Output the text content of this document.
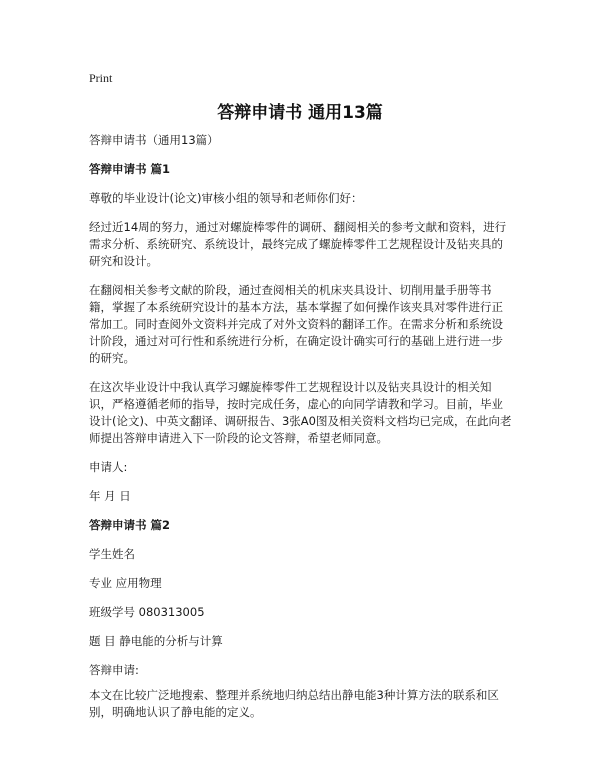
Print
答辩申请书 通用13篇
答辩申请书（通用13篇）
答辩申请书 篇1
尊敬的毕业设计(论文)审核小组的领导和老师你们好：
经过近14周的努力，通过对螺旋棒零件的调研、翻阅相关的参考文献和资料，进行需求分析、系统研究、系统设计，最终完成了螺旋棒零件工艺规程设计及钻夹具的研究和设计。
在翻阅相关参考文献的阶段，通过查阅相关的机床夹具设计、切削用量手册等书籍，掌握了本系统研究设计的基本方法，基本掌握了如何操作该夹具对零件进行正常加工。同时查阅外文资料并完成了对外文资料的翻译工作。在需求分析和系统设计阶段，通过对可行性和系统进行分析，在确定设计确实可行的基础上进行进一步的研究。
在这次毕业设计中我认真学习螺旋棒零件工艺规程设计以及钻夹具设计的相关知识，严格遵循老师的指导，按时完成任务，虚心的向同学请教和学习。目前，毕业设计(论文)、中英文翻译、调研报告、3张A0图及相关资料文档均已完成，在此向老师提出答辩申请进入下一阶段的论文答辩，希望老师同意。
申请人:
年 月 日
答辩申请书 篇2
学生姓名
专业 应用物理
班级学号 080313005
题 目 静电能的分析与计算
答辩申请:
本文在比较广泛地搜索、整理并系统地归纳总结出静电能3种计算方法的联系和区别，明确地认识了静电能的定义。
